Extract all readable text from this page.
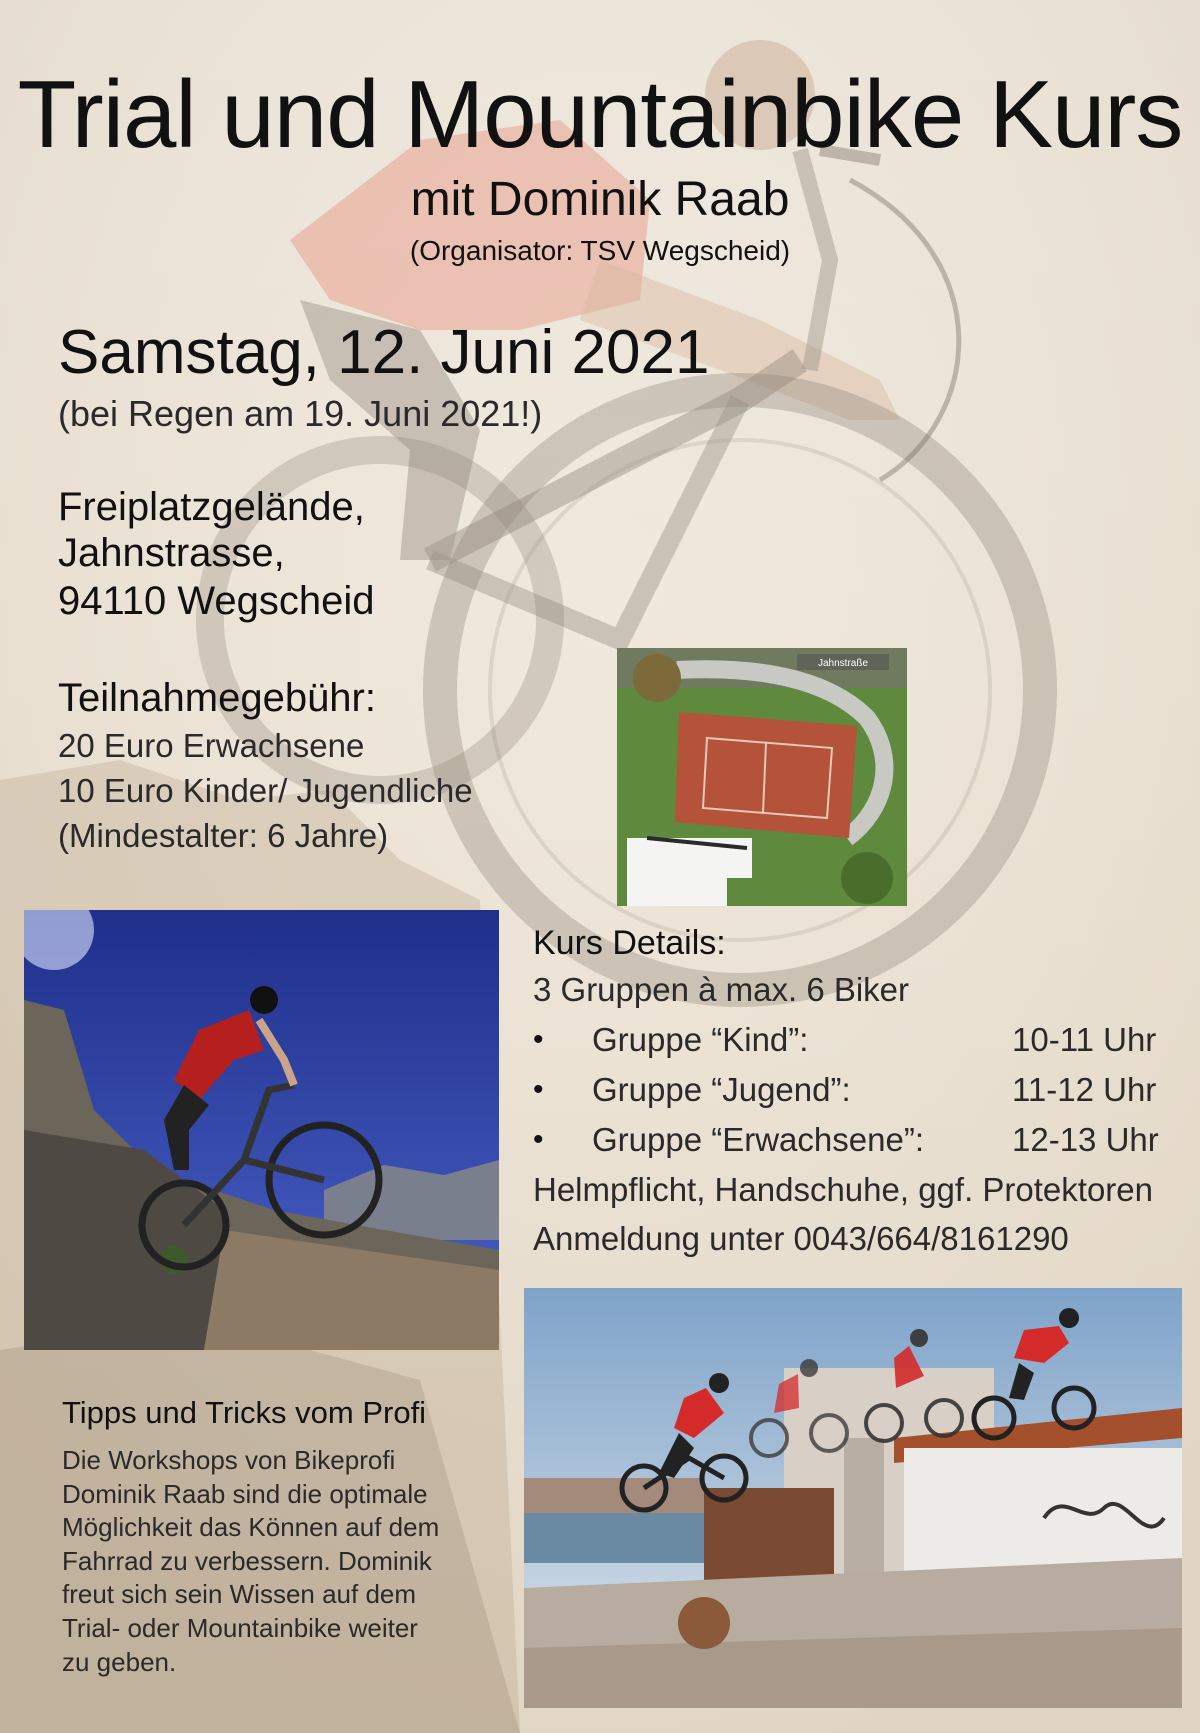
Trial und Mountainbike Kurs
mit Dominik Raab
(Organisator: TSV Wegscheid)
Samstag, 12. Juni 2021
(bei Regen am 19. Juni 2021!)
Freiplatzgelände,
Jahnstrasse,
94110 Wegscheid
Teilnahmegebühr:
20 Euro Erwachsene
10 Euro Kinder/ Jugendliche
(Mindestalter: 6 Jahre)
Jahnstraße
Kurs Details:
3 Gruppen à max. 6 Biker
• Gruppe “Kind”:	10-11 Uhr
• Gruppe “Jugend”:	11-12 Uhr
• Gruppe “Erwachsene”:	12-13 Uhr
Helmpflicht, Handschuhe, ggf. Protektoren
Anmeldung unter 0043/664/8161290
Tipps und Tricks vom Profi
Die Workshops von Bikeprofi
Dominik Raab sind die optimale
Möglichkeit das Können auf dem
Fahrrad zu verbessern. Dominik
freut sich sein Wissen auf dem
Trial- oder Mountainbike weiter
zu geben.
